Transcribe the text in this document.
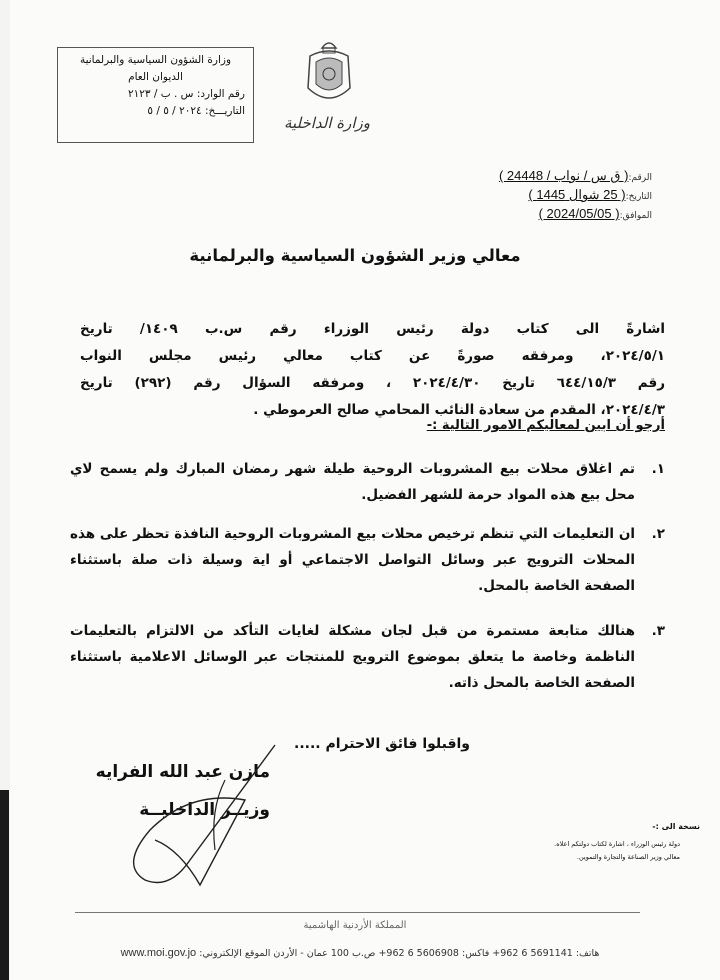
وزارة الشؤون السياسية والبرلمانية
الديوان العام
رقم الوارد: س . ب / ٢١٢٣
التاريـــخ: ٢٠٢٤ / ٥ / ٥
وزارة الداخلية
الرقم:( ق س / نواب / 24448 )
التاريخ:( 25 شوال 1445 )
الموافق:( 2024/05/05 )
معالي وزير الشؤون السياسية والبرلمانية
اشارةً الى كتاب دولة رئيس الوزراء رقم س.ب ١٤٠٩/ تاريخ
٢٠٢٤/٥/١، ومرفقه صورةً عن كتاب معالي رئيس مجلس النواب
رقم ٦٤٤/١٥/٣ تاريخ ٢٠٢٤/٤/٣٠ ، ومرفقه السؤال رقم (٢٩٢) تاريخ
٢٠٢٤/٤/٣، المقدم من سعادة النائب المحامي صالح العرموطي .
أرجو أن ابين لمعاليكم الامور التالية :-
١.
تم اغلاق محلات بيع المشروبات الروحية طيلة شهر رمضان المبارك ولم يسمح لاي محل بيع هذه المواد حرمة للشهر الفضيل.
٢.
ان التعليمات التي تنظم ترخيص محلات بيع المشروبات الروحية النافذة تحظر على هذه المحلات الترويج عبر وسائل التواصل الاجتماعي أو اية وسيلة ذات صلة باستثناء الصفحة الخاصة بالمحل.
٣.
هنالك متابعة مستمرة من قبل لجان مشكلة لغايات التأكد من الالتزام بالتعليمات الناظمة وخاصة ما يتعلق بموضوع الترويج للمنتجات عبر الوسائل الاعلامية باستثناء الصفحة الخاصة بالمحل ذاته.
واقبلوا فائق الاحترام .....
مازن عبد الله الفرايه
وزيــر الداخليــة
نسخة الى :-
دولة رئيس الوزراء ، اشارة لكتاب دولتكم اعلاه.
معالي وزير الصناعة والتجارة والتموين.
المملكة الأردنية الهاشمية
هاتف: 5691141 6 962+ فاكس: 5606908 6 962+ ص.ب 100 عمان - الأردن الموقع الإلكتروني: www.moi.gov.jo
